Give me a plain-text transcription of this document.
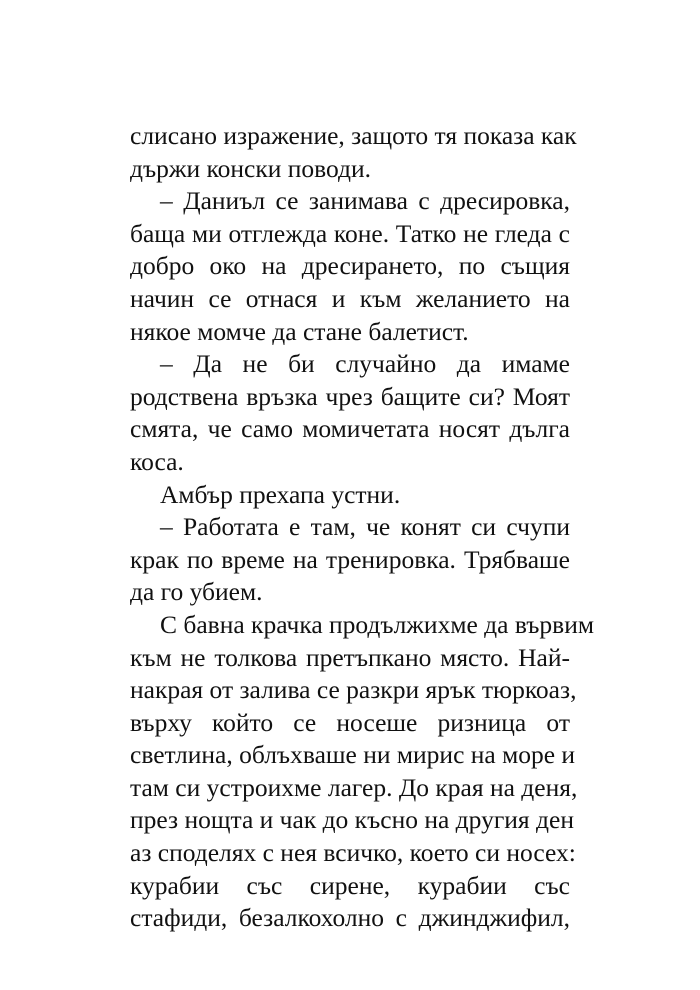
слисано изражение, защото тя показа как
държи конски поводи.
– Даниъл се занимава с дресировка,
баща ми отглежда коне. Татко не гледа с
добро око на дресирането, по същия
начин се отнася и към желанието на
някое момче да стане балетист.
– Да не би случайно да имаме
родствена връзка чрез бащите си? Моят
смята, че само момичетата носят дълга
коса.
Амбър прехапа устни.
– Работата е там, че конят си счупи
крак по време на тренировка. Трябваше
да го убием.
С бавна крачка продължихме да вървим
към не толкова претъпкано място. Най-
накрая от залива се разкри ярък тюркоаз,
върху който се носеше ризница от
светлина, облъхваше ни мирис на море и
там си устроихме лагер. До края на деня,
през нощта и чак до късно на другия ден
аз споделях с нея всичко, което си носех:
курабии със сирене, курабии със
стафиди, безалкохолно с джинджифил,
